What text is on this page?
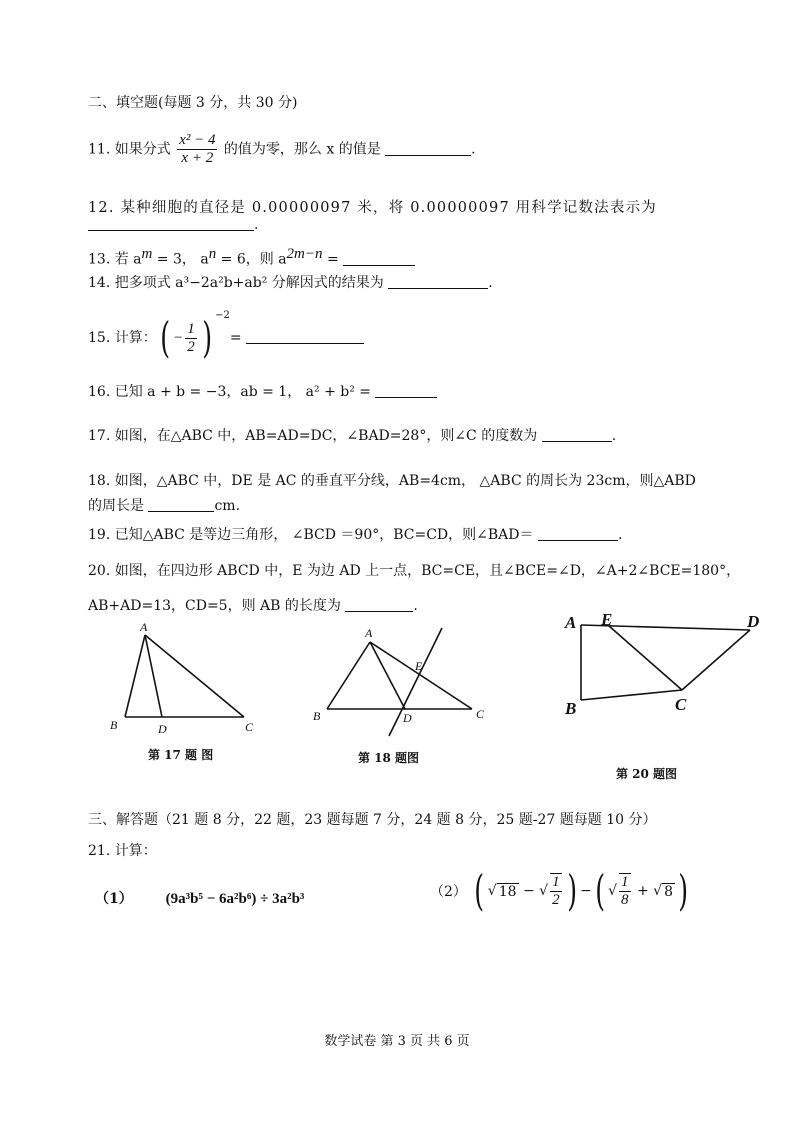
二、填空题(每题 3 分，共 30 分)
11. 如果分式 $\frac{\text{x² − 4}}{x + 2}$ 的值为零，那么 x 的值是	.
12. 某种细胞的直径是 0.00000097 米，将 0.00000097 用科学记数法表示为
.
13. 若 $a^m = 3$， $a^n = 6$，则 $a^{2m-n}$ =
14. 把多项式 a³−2a²b+ab² 分解因式的结果为	.
15. 计算：( − $\frac{1}{2}$ ) $^{-2}$=
16. 已知 a + b = −3，ab = 1， a² + b² =
17. 如图，在△ABC 中，AB=AD=DC，∠BAD=28°，则∠C 的度数为	.
18. 如图，△ABC 中，DE 是 AC 的垂直平分线，AB=4cm， △ABC 的周长为 23cm，则△ABD
的周长是	cm.
19. 已知△ABC 是等边三角形， ∠BCD ＝90°，BC=CD，则∠BAD＝	.
20. 如图，在四边形 ABCD 中，E 为边 AD 上一点，BC=CE，且∠BCE=∠D，∠A+2∠BCE=180°，
AB+AD=13，CD=5，则 AB 的长度为	.
A
B	C
D
第 17 题 图
A
B	C
D
E
第 18 题图
A
B	C
D
E
第 20 题图
三、解答题（21 题 8 分，22 题，23 题每题 7 分，24 题 8 分，25 题-27 题每题 10 分）
21. 计算：
（1） (9a³b⁵ − 6a²b⁶) ÷ 3a²b³	（2） ( √ 18 − √ $\frac{1}{2}$ ) −( √ $\frac{1}{8}$ + √ 8 )
数学试卷 第 3 页 共 6 页
